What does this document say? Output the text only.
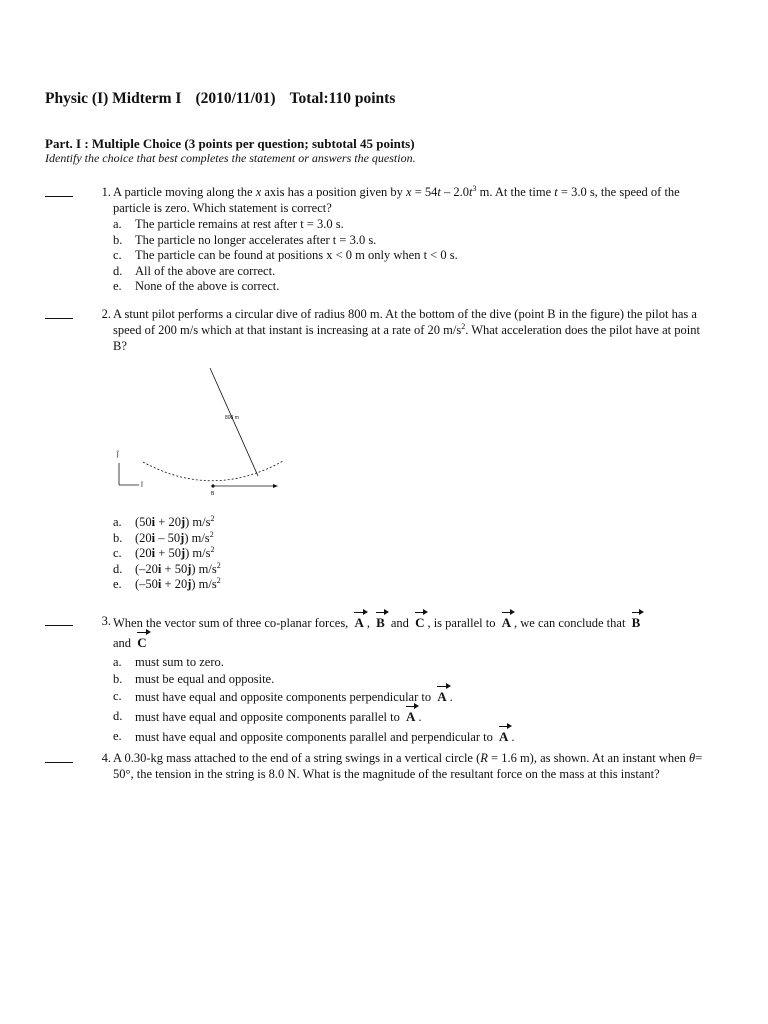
Physic (I) Midterm I (2010/11/01) Total:110 points
Part. I : Multiple Choice (3 points per question; subtotal 45 points)
Identify the choice that best completes the statement or answers the question.
1. A particle moving along the x axis has a position given by $x = 54t - 2.0t^3$ m. At the time t = 3.0 s, the speed of the particle is zero. Which statement is correct?
a. The particle remains at rest after t = 3.0 s.
b. The particle no longer accelerates after t = 3.0 s.
c. The particle can be found at positions x < 0 m only when t < 0 s.
d. All of the above are correct.
e. None of the above is correct.
2. A stunt pilot performs a circular dive of radius 800 m. At the bottom of the dive (point B in the figure) the pilot has a speed of 200 m/s which at that instant is increasing at a rate of 20 $m/s^2$. What acceleration does the pilot have at point B?
800 m
B
ĵ
î
a. (50i + 20j) $m/s^2$
b. (20i – 50j) $m/s^2$
c. (20i + 50j) $m/s^2$
d. (–20i + 50j) $m/s^2$
e. (–50i + 20j) $m/s^2$
3. When the vector sum of three co-planar forces, A , B and C , is parallel to A , we can conclude that B
and C
a. must sum to zero.
b. must be equal and opposite.
c. must have equal and opposite components perpendicular to A .
d. must have equal and opposite components parallel to A .
e. must have equal and opposite components parallel and perpendicular to A .
4. A 0.30-kg mass attached to the end of a string swings in a vertical circle (R = 1.6 m), as shown. At an instant when θ= 50°, the tension in the string is 8.0 N. What is the magnitude of the resultant force on the mass at this instant?
